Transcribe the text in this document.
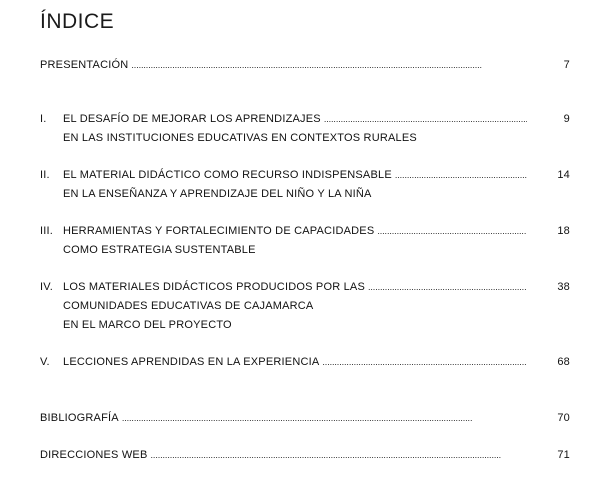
ÍNDICE
PRESENTACIÓN . . .	7
I.	EL DESAFÍO DE MEJORAR LOS APRENDIZAJES . . .	9
EN LAS INSTITUCIONES EDUCATIVAS EN CONTEXTOS RURALES
II.	EL MATERIAL DIDÁCTICO COMO RECURSO INDISPENSABLE . . .	14
EN LA ENSEÑANZA Y APRENDIZAJE DEL NIÑO Y LA NIÑA
III. HERRAMIENTAS Y FORTALECIMIENTO DE CAPACIDADES . . .	18
COMO ESTRATEGIA SUSTENTABLE
IV. LOS MATERIALES DIDÁCTICOS PRODUCIDOS POR LAS . . .	38
COMUNIDADES EDUCATIVAS DE CAJAMARCA
EN EL MARCO DEL PROYECTO
V.	LECCIONES APRENDIDAS EN LA EXPERIENCIA . . .	68
BIBLIOGRAFÍA . . .	70
DIRECCIONES WEB . . .	71
